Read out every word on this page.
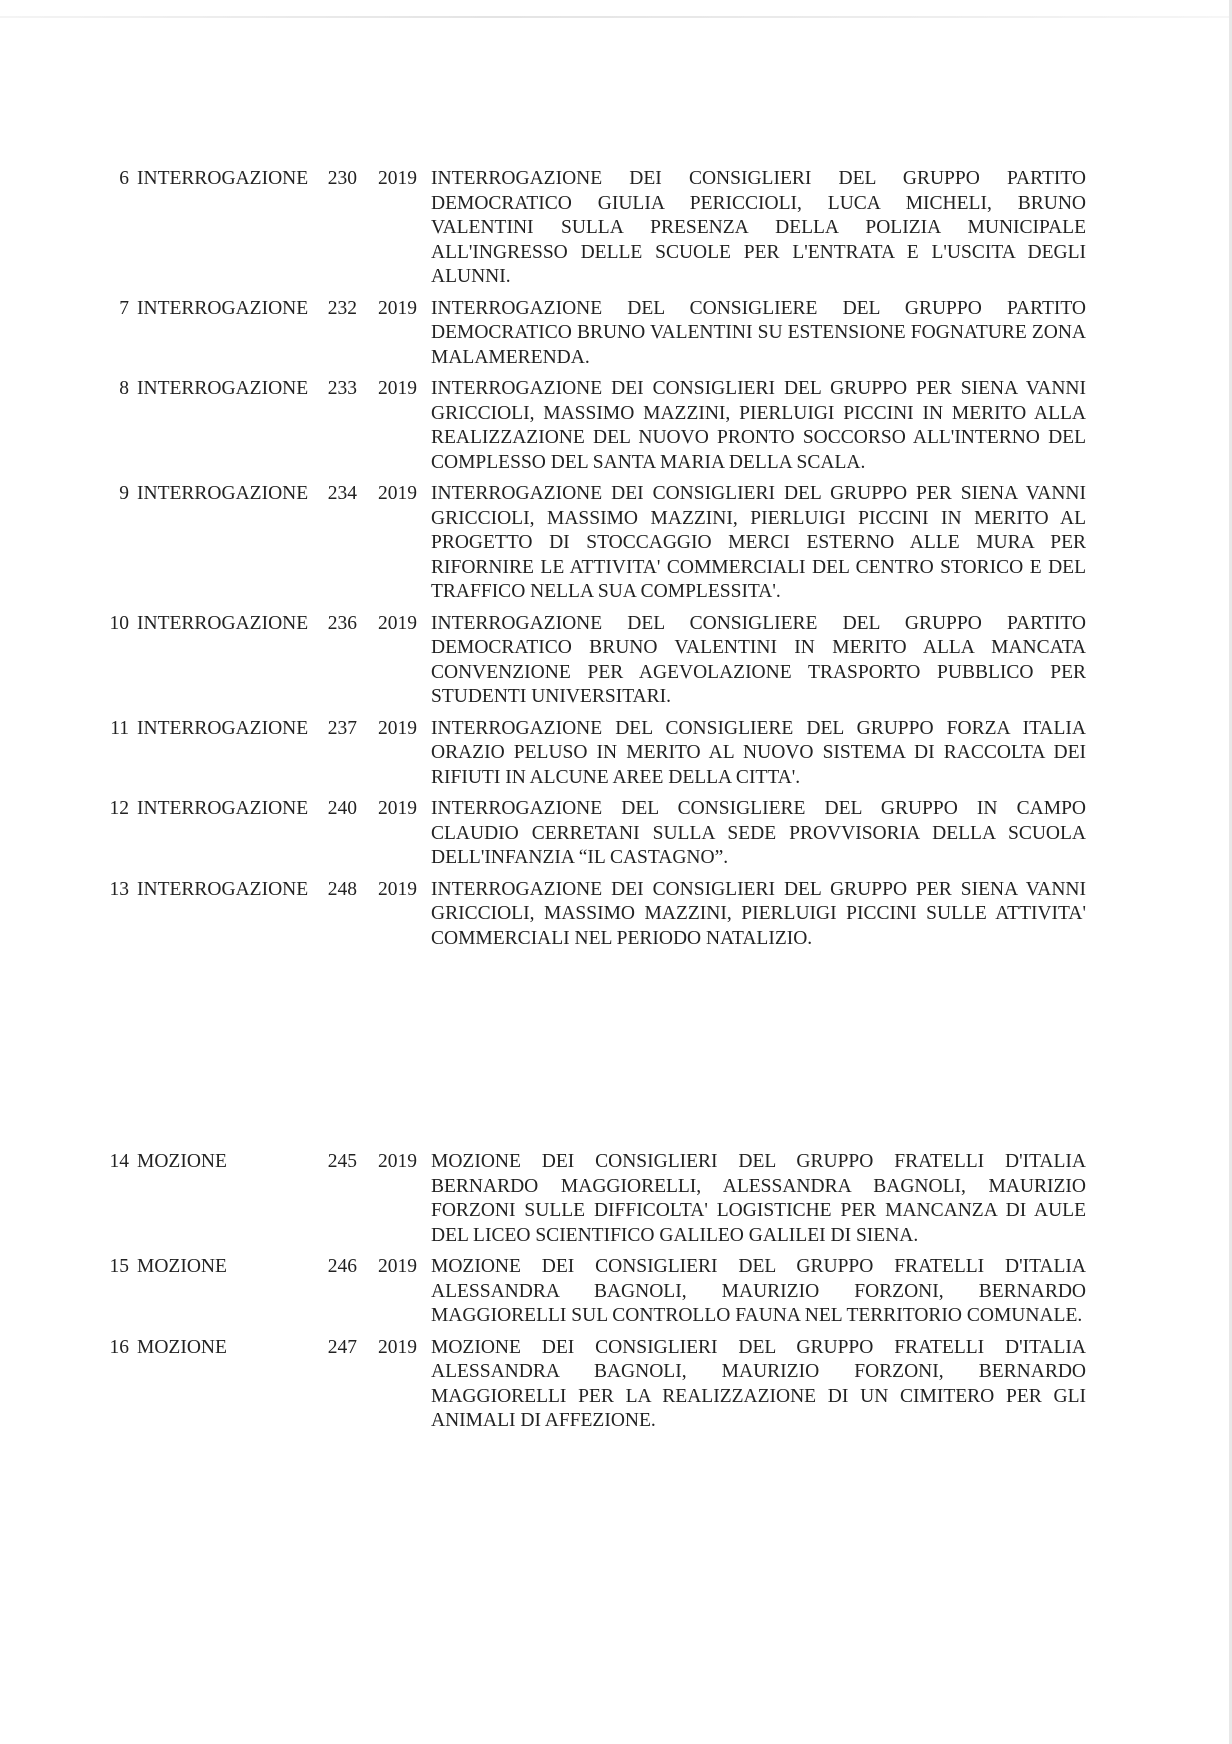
6 INTERROGAZIONE	230	2019 INTERROGAZIONE DEI CONSIGLIERI DEL GRUPPO PARTITO DEMOCRATICO GIULIA PERICCIOLI, LUCA MICHELI, BRUNO VALENTINI SULLA PRESENZA DELLA POLIZIA MUNICIPALE ALL'INGRESSO DELLE SCUOLE PER L'ENTRATA E L'USCITA DEGLI ALUNNI.
7 INTERROGAZIONE	232	2019 INTERROGAZIONE DEL CONSIGLIERE DEL GRUPPO PARTITO DEMOCRATICO BRUNO VALENTINI SU ESTENSIONE FOGNATURE ZONA MALAMERENDA.
8 INTERROGAZIONE	233	2019 INTERROGAZIONE DEI CONSIGLIERI DEL GRUPPO PER SIENA VANNI GRICCIOLI, MASSIMO MAZZINI, PIERLUIGI PICCINI IN MERITO ALLA REALIZZAZIONE DEL NUOVO PRONTO SOCCORSO ALL'INTERNO DEL COMPLESSO DEL SANTA MARIA DELLA SCALA.
9 INTERROGAZIONE	234	2019 INTERROGAZIONE DEI CONSIGLIERI DEL GRUPPO PER SIENA VANNI GRICCIOLI, MASSIMO MAZZINI, PIERLUIGI PICCINI IN MERITO AL PROGETTO DI STOCCAGGIO MERCI ESTERNO ALLE MURA PER RIFORNIRE LE ATTIVITA' COMMERCIALI DEL CENTRO STORICO E DEL TRAFFICO NELLA SUA COMPLESSITA'.
10 INTERROGAZIONE	236	2019 INTERROGAZIONE DEL CONSIGLIERE DEL GRUPPO PARTITO DEMOCRATICO BRUNO VALENTINI IN MERITO ALLA MANCATA CONVENZIONE PER AGEVOLAZIONE TRASPORTO PUBBLICO PER STUDENTI UNIVERSITARI.
11 INTERROGAZIONE	237	2019 INTERROGAZIONE DEL CONSIGLIERE DEL GRUPPO FORZA ITALIA ORAZIO PELUSO IN MERITO AL NUOVO SISTEMA DI RACCOLTA DEI RIFIUTI IN ALCUNE AREE DELLA CITTA'.
12 INTERROGAZIONE	240	2019 INTERROGAZIONE DEL CONSIGLIERE DEL GRUPPO IN CAMPO CLAUDIO CERRETANI SULLA SEDE PROVVISORIA DELLA SCUOLA DELL'INFANZIA “IL CASTAGNO”.
13 INTERROGAZIONE	248	2019 INTERROGAZIONE DEI CONSIGLIERI DEL GRUPPO PER SIENA VANNI GRICCIOLI, MASSIMO MAZZINI, PIERLUIGI PICCINI SULLE ATTIVITA' COMMERCIALI NEL PERIODO NATALIZIO.
14 MOZIONE	245	2019 MOZIONE DEI CONSIGLIERI DEL GRUPPO FRATELLI D'ITALIA BERNARDO MAGGIORELLI, ALESSANDRA BAGNOLI, MAURIZIO FORZONI SULLE DIFFICOLTA' LOGISTICHE PER MANCANZA DI AULE DEL LICEO SCIENTIFICO GALILEO GALILEI DI SIENA.
15 MOZIONE	246	2019 MOZIONE DEI CONSIGLIERI DEL GRUPPO FRATELLI D'ITALIA ALESSANDRA BAGNOLI, MAURIZIO FORZONI, BERNARDO MAGGIORELLI SUL CONTROLLO FAUNA NEL TERRITORIO COMUNALE.
16 MOZIONE	247	2019 MOZIONE DEI CONSIGLIERI DEL GRUPPO FRATELLI D'ITALIA ALESSANDRA BAGNOLI, MAURIZIO FORZONI, BERNARDO MAGGIORELLI PER LA REALIZZAZIONE DI UN CIMITERO PER GLI ANIMALI DI AFFEZIONE.
